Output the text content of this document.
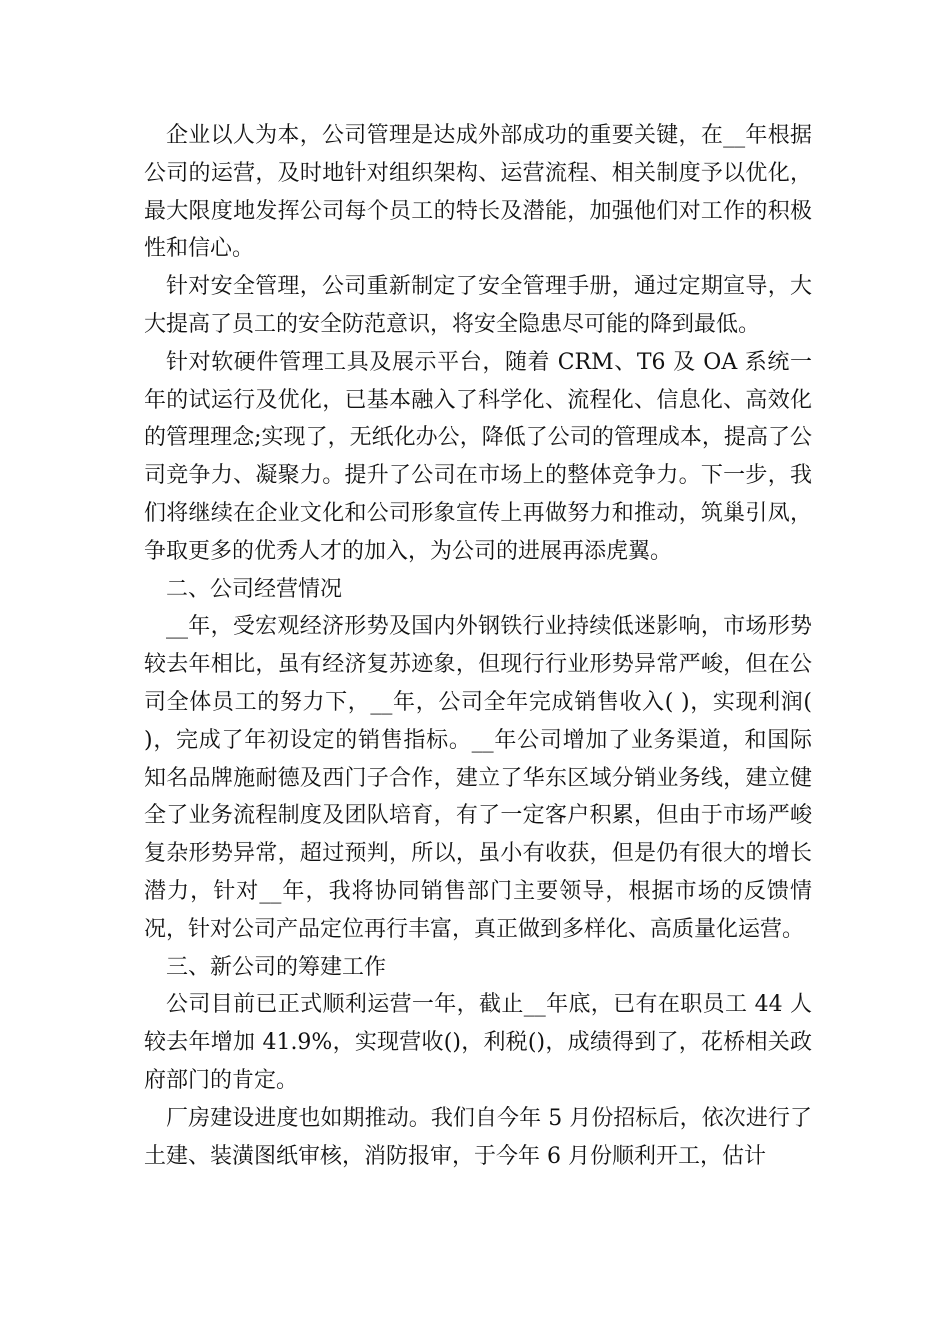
企业以人为本，公司管理是达成外部成功的重要关键，在__年根据公司的运营，及时地针对组织架构、运营流程、相关制度予以优化，最大限度地发挥公司每个员工的特长及潜能，加强他们对工作的积极性和信心。

针对安全管理，公司重新制定了安全管理手册，通过定期宣导，大大提高了员工的安全防范意识，将安全隐患尽可能的降到最低。

针对软硬件管理工具及展示平台，随着 CRM、T6 及 OA 系统一年的试运行及优化，已基本融入了科学化、流程化、信息化、高效化的管理理念;实现了，无纸化办公，降低了公司的管理成本，提高了公司竞争力、凝聚力。提升了公司在市场上的整体竞争力。下一步，我们将继续在企业文化和公司形象宣传上再做努力和推动，筑巢引凤，争取更多的优秀人才的加入，为公司的进展再添虎翼。

二、公司经营情况

__年，受宏观经济形势及国内外钢铁行业持续低迷影响，市场形势较去年相比，虽有经济复苏迹象，但现行行业形势异常严峻，但在公司全体员工的努力下，__年，公司全年完成销售收入( )，实现利润( )，完成了年初设定的销售指标。__年公司增加了业务渠道，和国际知名品牌施耐德及西门子合作，建立了华东区域分销业务线，建立健全了业务流程制度及团队培育，有了一定客户积累，但由于市场严峻复杂形势异常，超过预判，所以，虽小有收获，但是仍有很大的增长潜力，针对__年，我将协同销售部门主要领导，根据市场的反馈情况，针对公司产品定位再行丰富，真正做到多样化、高质量化运营。

三、新公司的筹建工作

公司目前已正式顺利运营一年，截止__年底，已有在职员工 44 人较去年增加 41.9%，实现营收()，利税()，成绩得到了，花桥相关政府部门的肯定。

厂房建设进度也如期推动。我们自今年 5 月份招标后，依次进行了土建、装潢图纸审核，消防报审，于今年 6 月份顺利开工，估计
